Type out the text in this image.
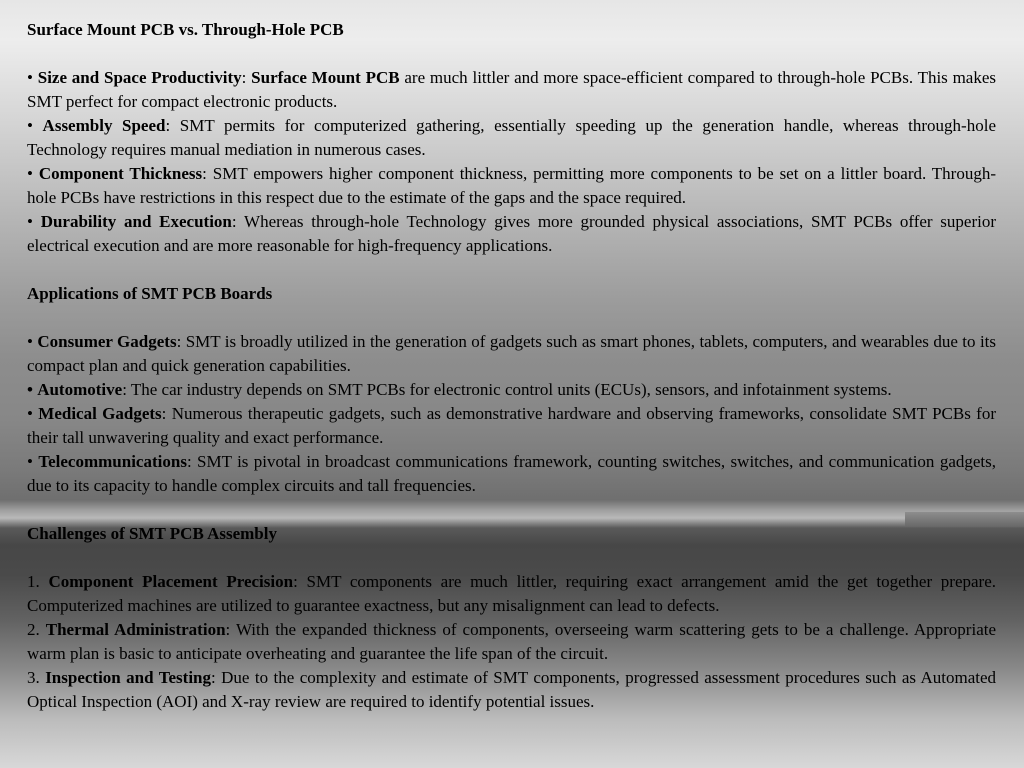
Surface Mount PCB vs. Through-Hole PCB

• Size and Space Productivity: Surface Mount PCB are much littler and more space-efficient compared to through-hole PCBs. This makes SMT perfect for compact electronic products.

• Assembly Speed: SMT permits for computerized gathering, essentially speeding up the generation handle, whereas through-hole Technology requires manual mediation in numerous cases.

• Component Thickness: SMT empowers higher component thickness, permitting more components to be set on a littler board. Through-hole PCBs have restrictions in this respect due to the estimate of the gaps and the space required.

• Durability and Execution: Whereas through-hole Technology gives more grounded physical associations, SMT PCBs offer superior electrical execution and are more reasonable for high-frequency applications.

Applications of SMT PCB Boards

• Consumer Gadgets: SMT is broadly utilized in the generation of gadgets such as smart phones, tablets, computers, and wearables due to its compact plan and quick generation capabilities.

• Automotive: The car industry depends on SMT PCBs for electronic control units (ECUs), sensors, and infotainment systems.

• Medical Gadgets: Numerous therapeutic gadgets, such as demonstrative hardware and observing frameworks, consolidate SMT PCBs for their tall unwavering quality and exact performance.

• Telecommunications: SMT is pivotal in broadcast communications framework, counting switches, switches, and communication gadgets, due to its capacity to handle complex circuits and tall frequencies.

Challenges of SMT PCB Assembly

1. Component Placement Precision: SMT components are much littler, requiring exact arrangement amid the get together prepare. Computerized machines are utilized to guarantee exactness, but any misalignment can lead to defects.

2. Thermal Administration: With the expanded thickness of components, overseeing warm scattering gets to be a challenge. Appropriate warm plan is basic to anticipate overheating and guarantee the life span of the circuit.

3. Inspection and Testing: Due to the complexity and estimate of SMT components, progressed assessment procedures such as Automated Optical Inspection (AOI) and X-ray review are required to identify potential issues.
